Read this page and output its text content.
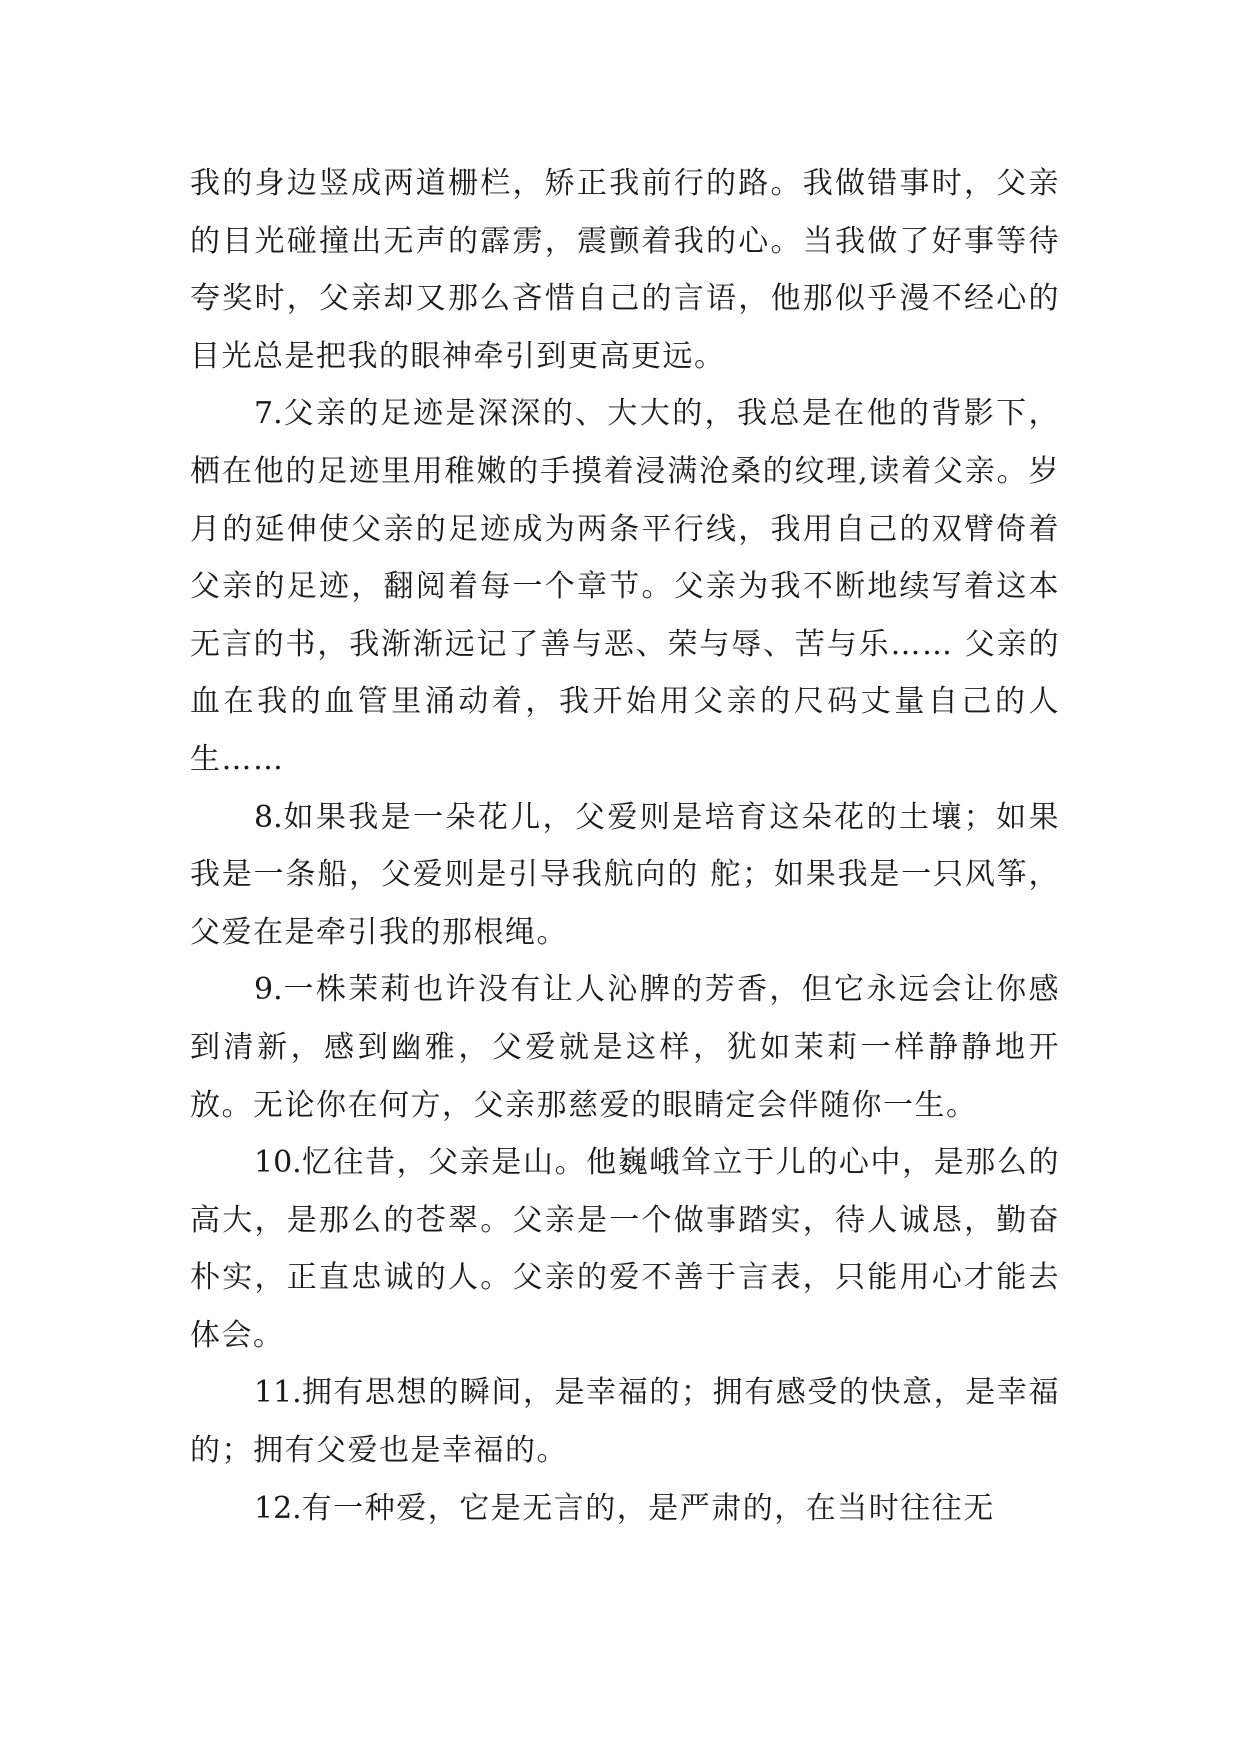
我的身边竖成两道栅栏，矫正我前行的路。我做错事时，父亲的目光碰撞出无声的霹雳，震颤着我的心。当我做了好事等待夸奖时，父亲却又那么吝惜自己的言语，他那似乎漫不经心的目光总是把我的眼神牵引到更高更远。

7.父亲的足迹是深深的、大大的，我总是在他的背影下，栖在他的足迹里用稚嫩的手摸着浸满沧桑的纹理,读着父亲。岁月的延伸使父亲的足迹成为两条平行线，我用自己的双臂倚着父亲的足迹，翻阅着每一个章节。父亲为我不断地续写着这本无言的书，我渐渐远记了善与恶、荣与辱、苦与乐…… 父亲的血在我的血管里涌动着，我开始用父亲的尺码丈量自己的人生……

8.如果我是一朵花儿，父爱则是培育这朵花的土壤；如果我是一条船，父爱则是引导我航向的 舵；如果我是一只风筝，父爱在是牵引我的那根绳。

9.一株茉莉也许没有让人沁脾的芳香，但它永远会让你感到清新，感到幽雅，父爱就是这样，犹如茉莉一样静静地开放。无论你在何方，父亲那慈爱的眼睛定会伴随你一生。

10.忆往昔，父亲是山。他巍峨耸立于儿的心中，是那么的高大，是那么的苍翠。父亲是一个做事踏实，待人诚恳，勤奋朴实，正直忠诚的人。父亲的爱不善于言表，只能用心才能去体会。

11.拥有思想的瞬间，是幸福的；拥有感受的快意，是幸福的；拥有父爱也是幸福的。

12.有一种爱，它是无言的，是严肃的，在当时往往无
